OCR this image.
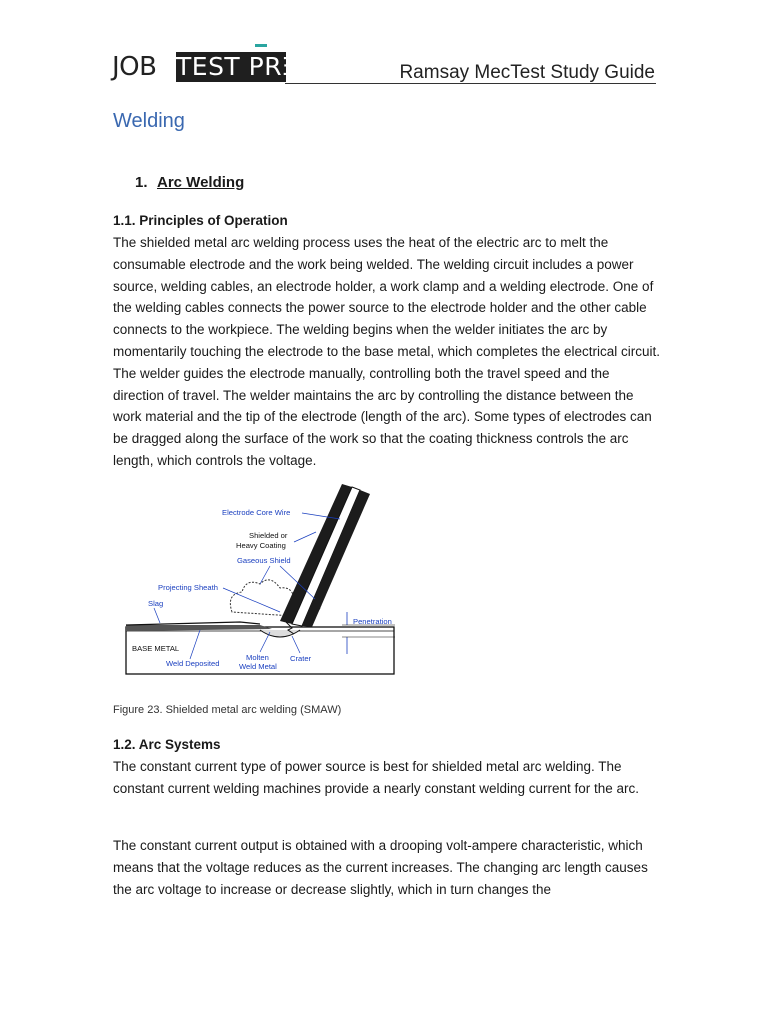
JOB TEST PRƎP	Ramsay MecTest Study Guide
Welding
1. Arc Welding
1.1. Principles of Operation

The shielded metal arc welding process uses the heat of the electric arc to melt the consumable electrode and the work being welded. The welding circuit includes a power source, welding cables, an electrode holder, a work clamp and a welding electrode. One of the welding cables connects the power source to the electrode holder and the other cable connects to the workpiece. The welding begins when the welder initiates the arc by momentarily touching the electrode to the base metal, which completes the electrical circuit. The welder guides the electrode manually, controlling both the travel speed and the direction of travel. The welder maintains the arc by controlling the distance between the work material and the tip of the electrode (length of the arc). Some types of electrodes can be dragged along the surface of the work so that the coating thickness controls the arc length, which controls the voltage.

Electrode Core Wire
Shielded or
Heavy Coating
Gaseous Shield
Projecting Sheath
Slag
Penetration
BASE METAL
Weld Deposited
Molten
Weld Metal
Crater
Figure 23. Shielded metal arc welding (SMAW)
1.2. Arc Systems

The constant current type of power source is best for shielded metal arc welding. The constant current welding machines provide a nearly constant welding current for the arc.

The constant current output is obtained with a drooping volt-ampere characteristic, which means that the voltage reduces as the current increases. The changing arc length causes the arc voltage to increase or decrease slightly, which in turn changes the
